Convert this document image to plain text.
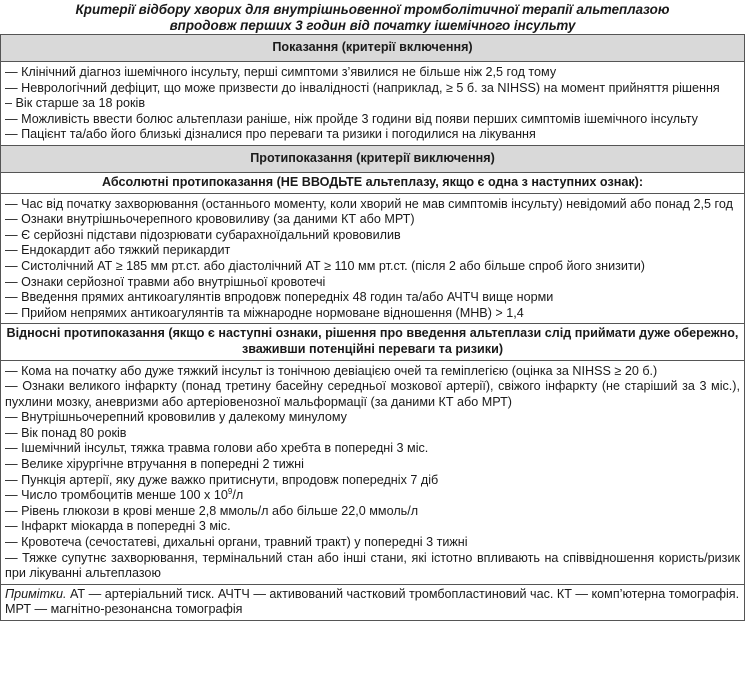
Критерії відбору хворих для внутрішньовенної тромболітичної терапії альтеплазою
впродовж перших 3 годин від початку ішемічного інсульту
Показання (критерії включення)

— Клінічний діагноз ішемічного інсульту, перші симптоми з’явилися не більше ніж 2,5 год тому
— Неврологічний дефіцит, що може призвести до інвалідності (наприклад, ≥ 5 б. за NIHSS) на момент прийняття рішення
– Вік старше за 18 років
— Можливість ввести болюс альтеплази раніше, ніж пройде 3 години від появи перших симптомів ішемічного інсульту
— Пацієнт та/або його близькі дізналися про переваги та ризики і погодилися на лікування

Протипоказання (критерії виключення)
Абсолютні протипоказання (НЕ ВВОДЬТЕ альтеплазу, якщо є одна з наступних ознак):

— Час від початку захворювання (останнього моменту, коли хворий не мав симптомів інсульту) невідомий або понад 2,5 год
— Ознаки внутрішньочерепного крововиливу (за даними КТ або МРТ)
— Є серйозні підстави підозрювати субарахноїдальний крововилив
— Ендокардит або тяжкий перикардит
— Систолічний АТ ≥ 185 мм рт.ст. або діастолічний АТ ≥ 110 мм рт.ст. (після 2 або більше спроб його знизити)
— Ознаки серйозної травми або внутрішньої кровотечі
— Введення прямих антикоагулянтів впродовж попередніх 48 годин та/або АЧТЧ вище норми
— Прийом непрямих антикоагулянтів та міжнародне нормоване відношення (МНВ) > 1,4

Відносні протипоказання (якщо є наступні ознаки, рішення про введення альтеплази слід приймати дуже обережно, зваживши потенційні переваги та ризики)

— Кома на початку або дуже тяжкий інсульт із тонічною девіацією очей та геміплегією (оцінка за NIHSS ≥ 20 б.)
— Ознаки великого інфаркту (понад третину басейну середньої мозкової артерії), свіжого інфаркту (не старіший за 3 міс.), пухлини мозку, аневризми або артеріовенозної мальформації (за даними КТ або МРТ)
— Внутрішньочерепний крововилив у далекому минулому
— Вік понад 80 років
— Ішемічний інсульт, тяжка травма голови або хребта в попередні 3 міс.
— Велике хірургічне втручання в попередні 2 тижні
— Пункція артерії, яку дуже важко притиснути, впродовж попередніх 7 діб
— Число тромбоцитів менше 100 х $10^9/л$
— Рівень глюкози в крові менше 2,8 ммоль/л або більше 22,0 ммоль/л
— Інфаркт міокарда в попередні 3 міс.
— Кровотеча (сечостатеві, дихальні органи, травний тракт) у попередні 3 тижні
— Тяжке супутнє захворювання, термінальний стан або інші стани, які істотно впливають на співвідношення користь/ризик при лікуванні альтеплазою

Примітки. АТ — артеріальний тиск. АЧТЧ — активований частковий тромбопластиновий час. КТ — комп’ютерна томографія. МРТ — магнітно-резонансна томографія
